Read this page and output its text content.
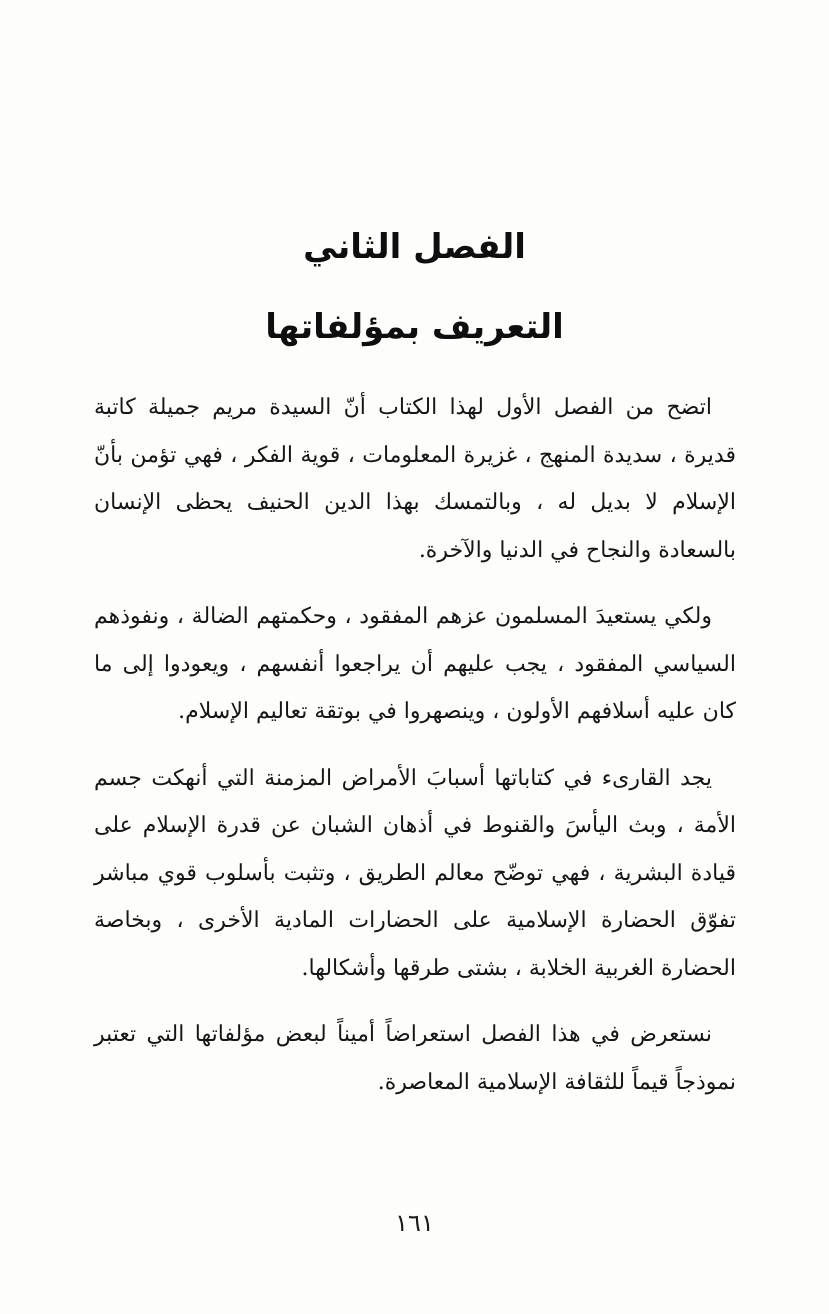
الفصل الثاني
التعريف بمؤلفاتها

اتضح من الفصل الأول لهذا الكتاب أنّ السيدة مريم جميلة كاتبة قديرة ، سديدة المنهج ، غزيرة المعلومات ، قوية الفكر ، فهي تؤمن بأنّ الإسلام لا بديل له ، وبالتمسك بهذا الدين الحنيف يحظى الإنسان بالسعادة والنجاح في الدنيا والآخرة.

ولكي يستعيدَ المسلمون عزهم المفقود ، وحكمتهم الضالة ، ونفوذهم السياسي المفقود ، يجب عليهم أن يراجعوا أنفسهم ، ويعودوا إلى ما كان عليه أسلافهم الأولون ، وينصهروا في بوتقة تعاليم الإسلام.

يجد القارىء في كتاباتها أسبابَ الأمراض المزمنة التي أنهكت جسم الأمة ، وبث اليأسَ والقنوط في أذهان الشبان عن قدرة الإسلام على قيادة البشرية ، فهي توضّح معالم الطريق ، وتثبت بأسلوب قوي مباشر تفوّق الحضارة الإسلامية على الحضارات المادية الأخرى ، وبخاصة الحضارة الغربية الخلابة ، بشتى طرقها وأشكالها.

نستعرض في هذا الفصل استعراضاً أميناً لبعض مؤلفاتها التي تعتبر نموذجاً قيماً للثقافة الإسلامية المعاصرة.

١٦١
